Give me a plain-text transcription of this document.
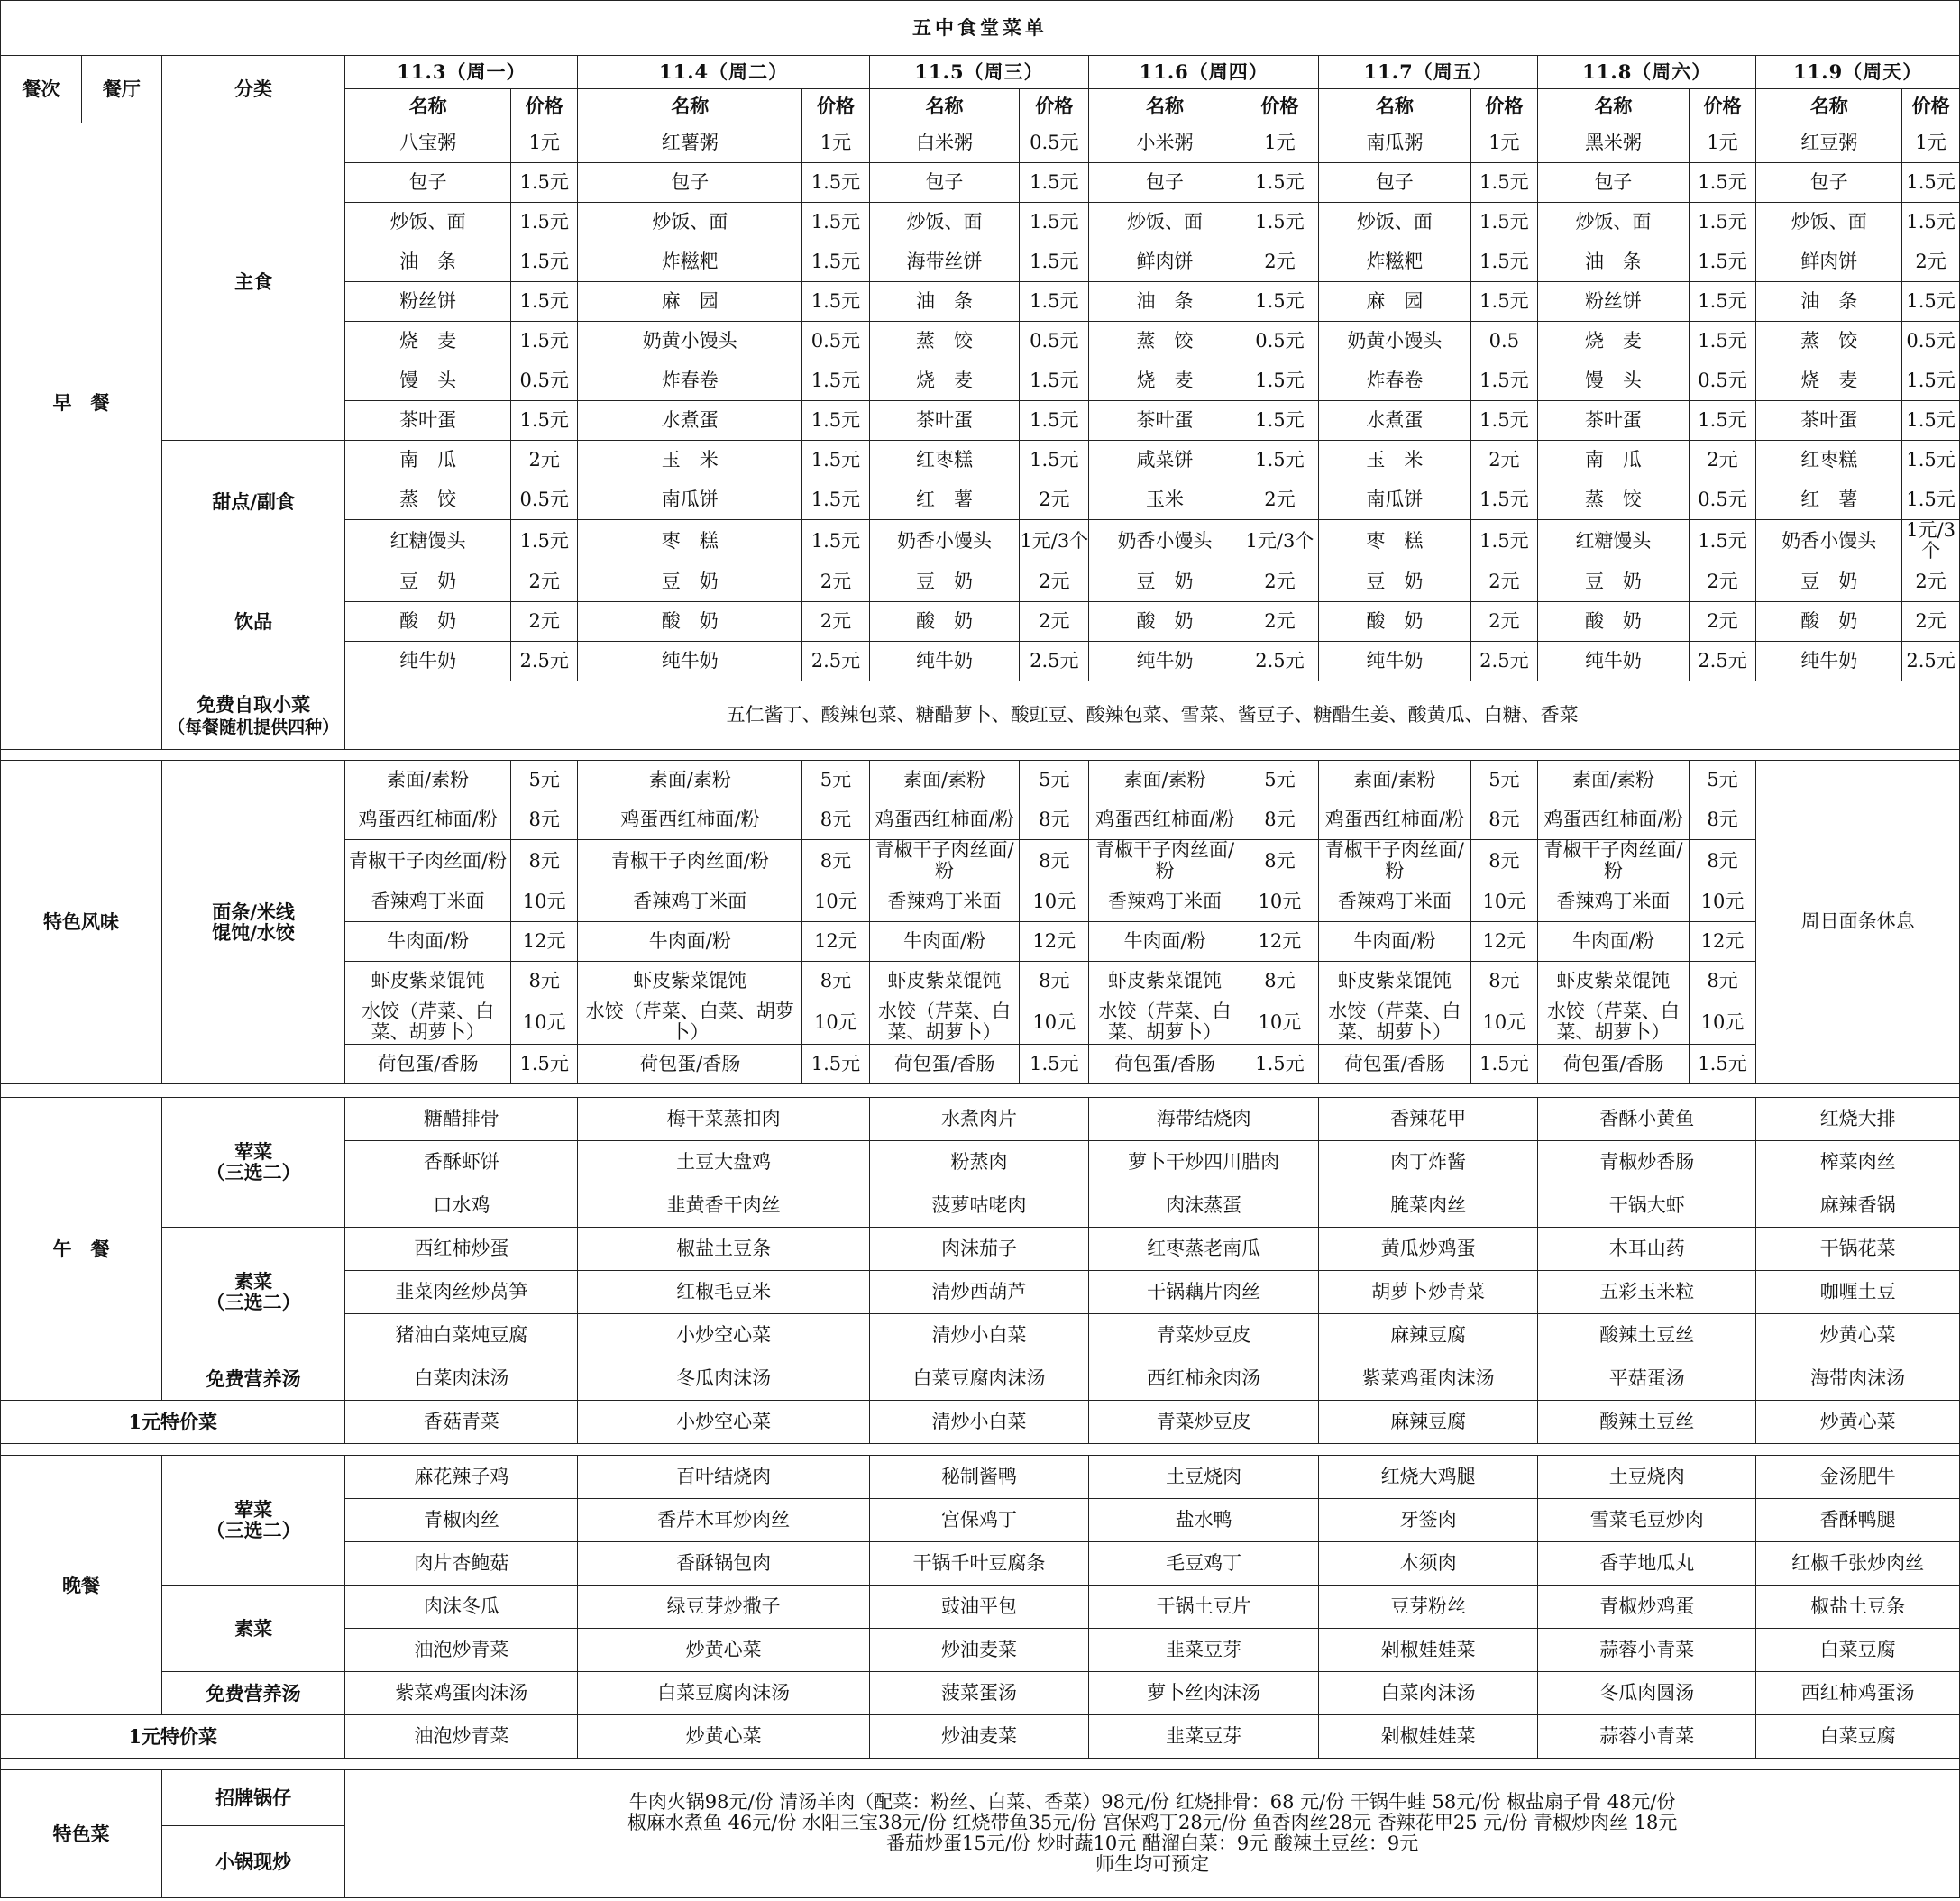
五中食堂菜单																
餐次	餐厅	分类	11.3（周一）		11.4（周二）		11.5（周三）		11.6（周四）		11.7（周五）		11.8（周六）		11.9（周天）	
			名称	价格	名称	价格	名称	价格	名称	价格	名称	价格	名称	价格	名称	价格
早　餐		主食	八宝粥	1元	红薯粥	1元	白米粥	0.5元	小米粥	1元	南瓜粥	1元	黑米粥	1元	红豆粥	1元
			包子	1.5元	包子	1.5元	包子	1.5元	包子	1.5元	包子	1.5元	包子	1.5元	包子	1.5元
			炒饭、面	1.5元	炒饭、面	1.5元	炒饭、面	1.5元	炒饭、面	1.5元	炒饭、面	1.5元	炒饭、面	1.5元	炒饭、面	1.5元
			油　条	1.5元	炸糍粑	1.5元	海带丝饼	1.5元	鲜肉饼	2元	炸糍粑	1.5元	油　条	1.5元	鲜肉饼	2元
			粉丝饼	1.5元	麻　园	1.5元	油　条	1.5元	油　条	1.5元	麻　园	1.5元	粉丝饼	1.5元	油　条	1.5元
			烧　麦	1.5元	奶黄小馒头	0.5元	蒸　饺	0.5元	蒸　饺	0.5元	奶黄小馒头	0.5	烧　麦	1.5元	蒸　饺	0.5元
			馒　头	0.5元	炸春卷	1.5元	烧　麦	1.5元	烧　麦	1.5元	炸春卷	1.5元	馒　头	0.5元	烧　麦	1.5元
			茶叶蛋	1.5元	水煮蛋	1.5元	茶叶蛋	1.5元	茶叶蛋	1.5元	水煮蛋	1.5元	茶叶蛋	1.5元	茶叶蛋	1.5元
		甜点/副食	南　瓜	2元	玉　米	1.5元	红枣糕	1.5元	咸菜饼	1.5元	玉　米	2元	南　瓜	2元	红枣糕	1.5元
			蒸　饺	0.5元	南瓜饼	1.5元	红　薯	2元	玉米	2元	南瓜饼	1.5元	蒸　饺	0.5元	红　薯	1.5元
			红糖馒头	1.5元	枣　糕	1.5元	奶香小馒头	1元/3个	奶香小馒头	1元/3个	枣　糕	1.5元	红糖馒头	1.5元	奶香小馒头	1元/3个
		饮品	豆　奶	2元	豆　奶	2元	豆　奶	2元	豆　奶	2元	豆　奶	2元	豆　奶	2元	豆　奶	2元
			酸　奶	2元	酸　奶	2元	酸　奶	2元	酸　奶	2元	酸　奶	2元	酸　奶	2元	酸　奶	2元
			纯牛奶	2.5元	纯牛奶	2.5元	纯牛奶	2.5元	纯牛奶	2.5元	纯牛奶	2.5元	纯牛奶	2.5元	纯牛奶	2.5元
		免费自取小菜
（每餐随机提供四种）	五仁酱丁、酸辣包菜、糖醋萝卜、酸豇豆、酸辣包菜、雪菜、酱豆子、糖醋生姜、酸黄瓜、白糖、香菜													

特色风味		面条/米线
馄饨/水饺	素面/素粉	5元	素面/素粉	5元	素面/素粉	5元	素面/素粉	5元	素面/素粉	5元	素面/素粉	5元	周日面条休息	
			鸡蛋西红柿面/粉	8元	鸡蛋西红柿面/粉	8元	鸡蛋西红柿面/粉	8元	鸡蛋西红柿面/粉	8元	鸡蛋西红柿面/粉	8元	鸡蛋西红柿面/粉	8元		
			青椒干子肉丝面/粉	8元	青椒干子肉丝面/粉	8元	青椒干子肉丝面/粉	8元	青椒干子肉丝面/粉	8元	青椒干子肉丝面/粉	8元	青椒干子肉丝面/粉	8元		
			香辣鸡丁米面	10元	香辣鸡丁米面	10元	香辣鸡丁米面	10元	香辣鸡丁米面	10元	香辣鸡丁米面	10元	香辣鸡丁米面	10元		
			牛肉面/粉	12元	牛肉面/粉	12元	牛肉面/粉	12元	牛肉面/粉	12元	牛肉面/粉	12元	牛肉面/粉	12元		
			虾皮紫菜馄饨	8元	虾皮紫菜馄饨	8元	虾皮紫菜馄饨	8元	虾皮紫菜馄饨	8元	虾皮紫菜馄饨	8元	虾皮紫菜馄饨	8元		
			水饺（芹菜、白菜、胡萝卜）	10元	水饺（芹菜、白菜、胡萝卜）	10元	水饺（芹菜、白菜、胡萝卜）	10元	水饺（芹菜、白菜、胡萝卜）	10元	水饺（芹菜、白菜、胡萝卜）	10元	水饺（芹菜、白菜、胡萝卜）	10元		
			荷包蛋/香肠	1.5元	荷包蛋/香肠	1.5元	荷包蛋/香肠	1.5元	荷包蛋/香肠	1.5元	荷包蛋/香肠	1.5元	荷包蛋/香肠	1.5元		

午　餐		荤菜
（三选二）	糖醋排骨		梅干菜蒸扣肉		水煮肉片		海带结烧肉		香辣花甲		香酥小黄鱼		红烧大排	
			香酥虾饼		土豆大盘鸡		粉蒸肉		萝卜干炒四川腊肉		肉丁炸酱		青椒炒香肠		榨菜肉丝	
			口水鸡		韭黄香干肉丝		菠萝咕咾肉		肉沫蒸蛋		腌菜肉丝		干锅大虾		麻辣香锅	

		素菜
（三选二）	西红柿炒蛋		椒盐土豆条		肉沫茄子		红枣蒸老南瓜		黄瓜炒鸡蛋		木耳山药		干锅花菜	
			韭菜肉丝炒莴笋		红椒毛豆米		清炒西葫芦		干锅藕片肉丝		胡萝卜炒青菜		五彩玉米粒		咖喱土豆	
			猪油白菜炖豆腐		小炒空心菜		清炒小白菜		青菜炒豆皮		麻辣豆腐		酸辣土豆丝		炒黄心菜	
		免费营养汤	白菜肉沫汤		冬瓜肉沫汤		白菜豆腐肉沫汤		西红柿汆肉汤		紫菜鸡蛋肉沫汤		平菇蛋汤		海带肉沫汤	
1元特价菜			香菇青菜		小炒空心菜		清炒小白菜		青菜炒豆皮		麻辣豆腐		酸辣土豆丝		炒黄心菜	

晚餐		荤菜
（三选二）	麻花辣子鸡		百叶结烧肉		秘制酱鸭		土豆烧肉		红烧大鸡腿		土豆烧肉		金汤肥牛	
			青椒肉丝		香芹木耳炒肉丝		宫保鸡丁		盐水鸭		牙签肉		雪菜毛豆炒肉		香酥鸭腿	
			肉片杏鲍菇		香酥锅包肉		干锅千叶豆腐条		毛豆鸡丁		木须肉		香芋地瓜丸		红椒千张炒肉丝	

		素菜	肉沫冬瓜		绿豆芽炒撒子		豉油平包		干锅土豆片		豆芽粉丝		青椒炒鸡蛋		椒盐土豆条	
			油泡炒青菜		炒黄心菜		炒油麦菜		韭菜豆芽		剁椒娃娃菜		蒜蓉小青菜		白菜豆腐	
		免费营养汤	紫菜鸡蛋肉沫汤		白菜豆腐肉沫汤		菠菜蛋汤		萝卜丝肉沫汤		白菜肉沫汤		冬瓜肉圆汤		西红柿鸡蛋汤	
1元特价菜			油泡炒青菜		炒黄心菜		炒油麦菜		韭菜豆芽		剁椒娃娃菜		蒜蓉小青菜		白菜豆腐	

特色菜		招牌锅仔	牛肉火锅98元/份 清汤羊肉（配菜：粉丝、白菜、香菜）98元/份 红烧排骨：68 元/份 干锅牛蛙 58元/份 椒盐扇子骨 48元/份
椒麻水煮鱼 46元/份 水阳三宝38元/份 红烧带鱼35元/份 宫保鸡丁28元/份 鱼香肉丝28元 香辣花甲25 元/份 青椒炒肉丝 18元
番茄炒蛋15元/份 炒时蔬10元 醋溜白菜：9元 酸辣土豆丝：9元
师生均可预定													

		小锅现炒														
